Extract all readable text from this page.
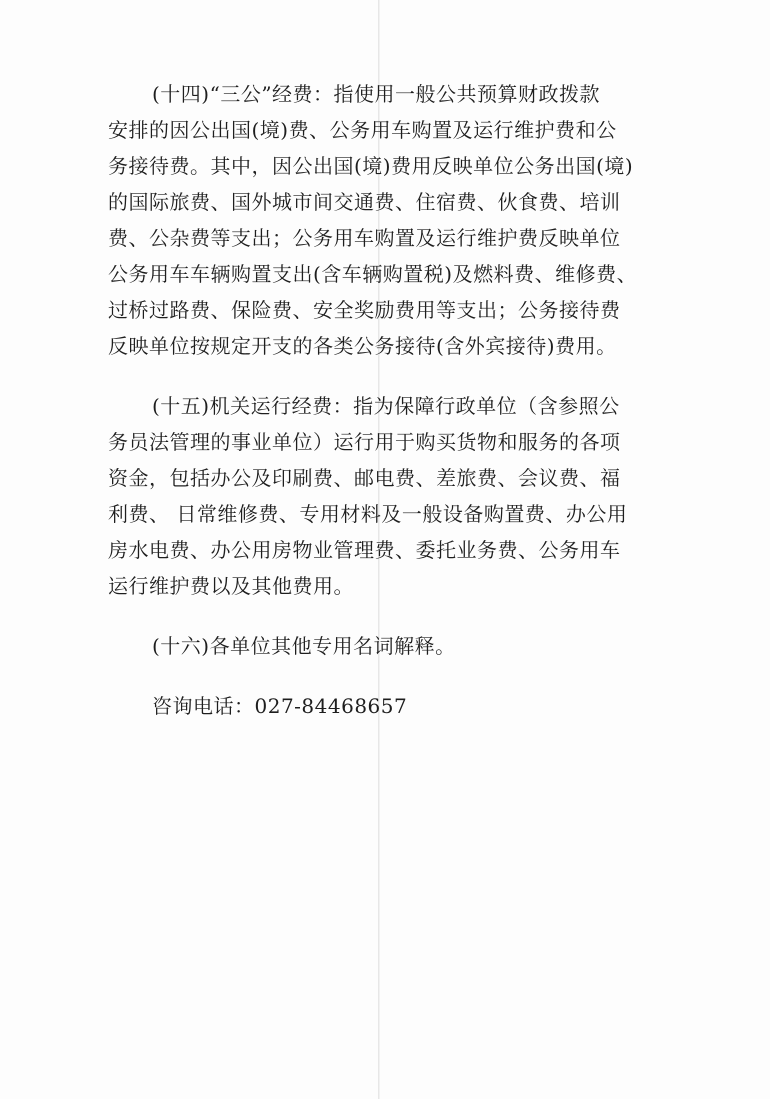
(十四)“三公”经费：指使用一般公共预算财政拨款
安排的因公出国(境)费、公务用车购置及运行维护费和公
务接待费。其中，因公出国(境)费用反映单位公务出国(境)
的国际旅费、国外城市间交通费、住宿费、伙食费、培训
费、公杂费等支出；公务用车购置及运行维护费反映单位
公务用车车辆购置支出(含车辆购置税)及燃料费、维修费、
过桥过路费、保险费、安全奖励费用等支出；公务接待费
反映单位按规定开支的各类公务接待(含外宾接待)费用。
(十五)机关运行经费：指为保障行政单位（含参照公
务员法管理的事业单位）运行用于购买货物和服务的各项
资金，包括办公及印刷费、邮电费、差旅费、会议费、福
利费、 日常维修费、专用材料及一般设备购置费、办公用
房水电费、办公用房物业管理费、委托业务费、公务用车
运行维护费以及其他费用。
(十六)各单位其他专用名词解释。
咨询电话：027-84468657
